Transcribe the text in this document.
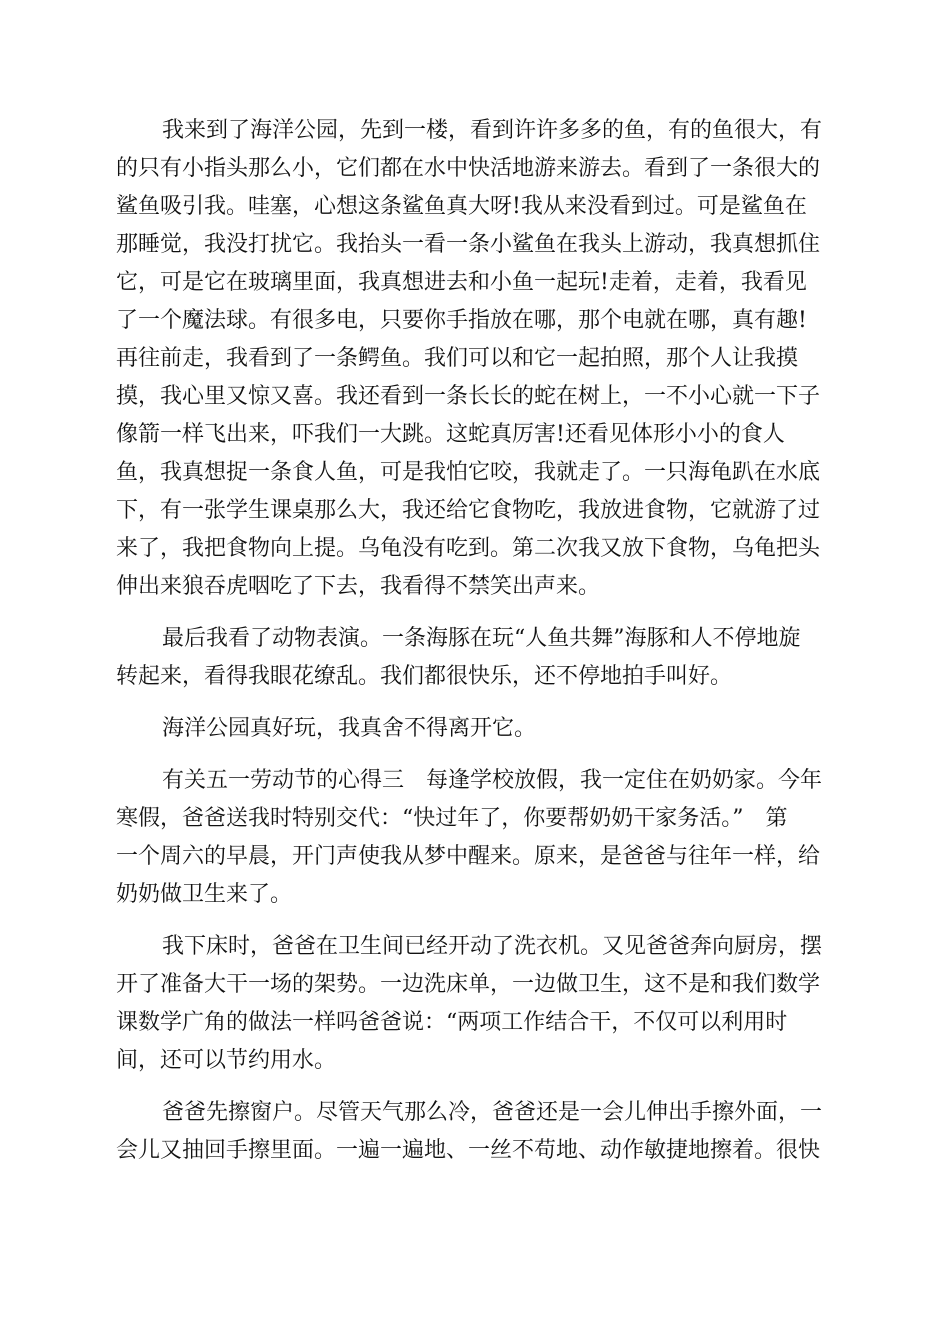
我来到了海洋公园，先到一楼，看到许许多多的鱼，有的鱼很大，有
的只有小指头那么小，它们都在水中快活地游来游去。看到了一条很大的
鲨鱼吸引我。哇塞，心想这条鲨鱼真大呀!我从来没看到过。可是鲨鱼在
那睡觉，我没打扰它。我抬头一看一条小鲨鱼在我头上游动，我真想抓住
它，可是它在玻璃里面，我真想进去和小鱼一起玩!走着，走着，我看见
了一个魔法球。有很多电，只要你手指放在哪，那个电就在哪，真有趣!
再往前走，我看到了一条鳄鱼。我们可以和它一起拍照，那个人让我摸
摸，我心里又惊又喜。我还看到一条长长的蛇在树上，一不小心就一下子
像箭一样飞出来，吓我们一大跳。这蛇真厉害!还看见体形小小的食人
鱼，我真想捉一条食人鱼，可是我怕它咬，我就走了。一只海龟趴在水底
下，有一张学生课桌那么大，我还给它食物吃，我放进食物，它就游了过
来了，我把食物向上提。乌龟没有吃到。第二次我又放下食物，乌龟把头
伸出来狼吞虎咽吃了下去，我看得不禁笑出声来。
最后我看了动物表演。一条海豚在玩“人鱼共舞”海豚和人不停地旋
转起来，看得我眼花缭乱。我们都很快乐，还不停地拍手叫好。
海洋公园真好玩，我真舍不得离开它。
有关五一劳动节的心得三　每逢学校放假，我一定住在奶奶家。今年
寒假，爸爸送我时特别交代：“快过年了，你要帮奶奶干家务活。”　第
一个周六的早晨，开门声使我从梦中醒来。原来，是爸爸与往年一样，给
奶奶做卫生来了。
我下床时，爸爸在卫生间已经开动了洗衣机。又见爸爸奔向厨房，摆
开了准备大干一场的架势。一边洗床单，一边做卫生，这不是和我们数学
课数学广角的做法一样吗爸爸说：“两项工作结合干，不仅可以利用时
间，还可以节约用水。
爸爸先擦窗户。尽管天气那么冷，爸爸还是一会儿伸出手擦外面，一
会儿又抽回手擦里面。一遍一遍地、一丝不苟地、动作敏捷地擦着。很快
